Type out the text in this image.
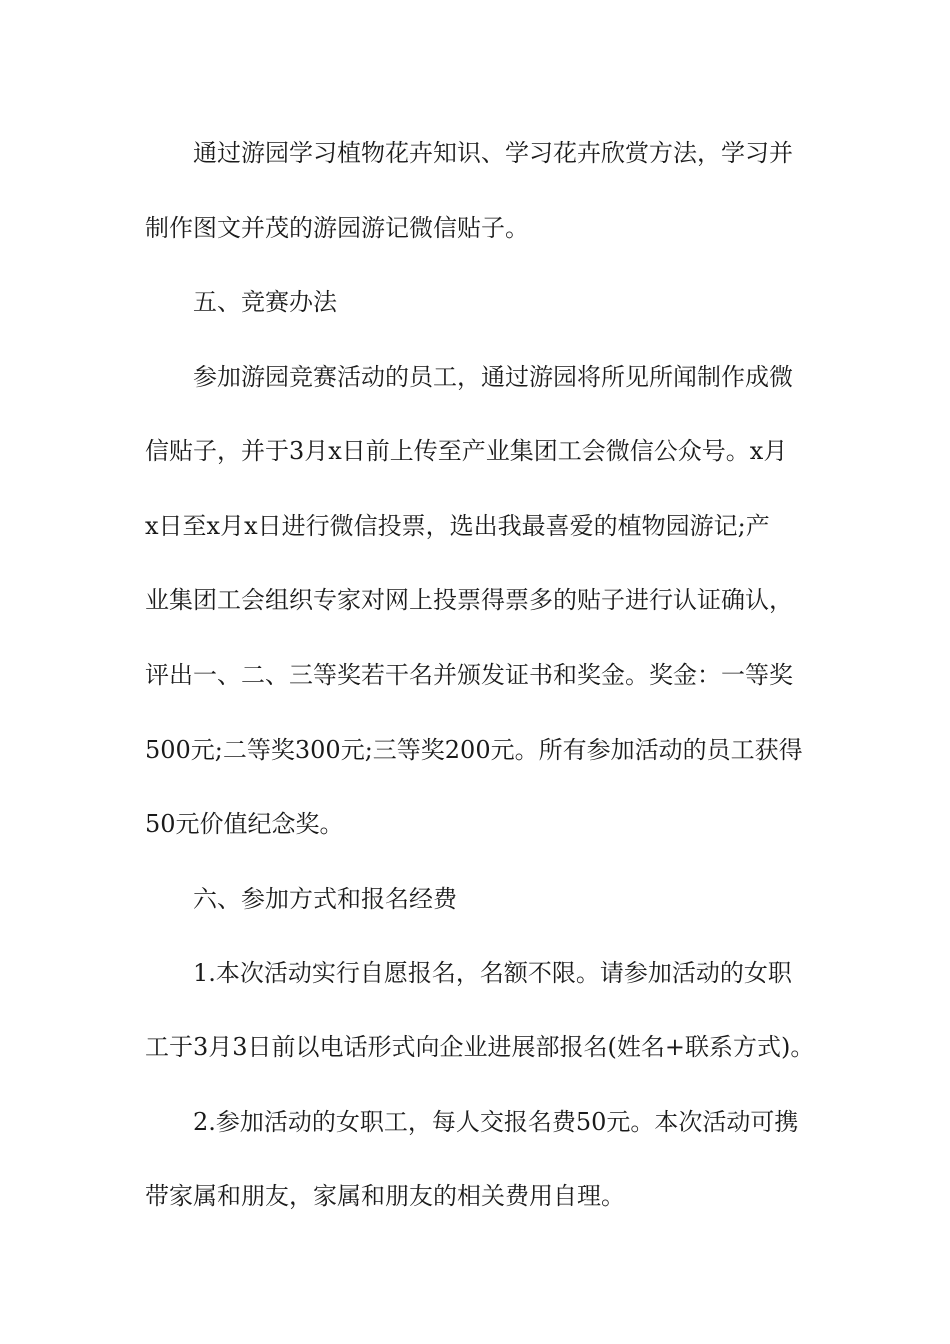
通过游园学习植物花卉知识、学习花卉欣赏方法，学习并
制作图文并茂的游园游记微信贴子。
五、竞赛办法
参加游园竞赛活动的员工，通过游园将所见所闻制作成微
信贴子，并于3月x日前上传至产业集团工会微信公众号。x月
x日至x月x日进行微信投票，选出我最喜爱的植物园游记;产
业集团工会组织专家对网上投票得票多的贴子进行认证确认，
评出一、二、三等奖若干名并颁发证书和奖金。奖金：一等奖
500元;二等奖300元;三等奖200元。所有参加活动的员工获得
50元价值纪念奖。
六、参加方式和报名经费
1.本次活动实行自愿报名，名额不限。请参加活动的女职
工于3月3日前以电话形式向企业进展部报名(姓名+联系方式)。
2.参加活动的女职工，每人交报名费50元。本次活动可携
带家属和朋友，家属和朋友的相关费用自理。
